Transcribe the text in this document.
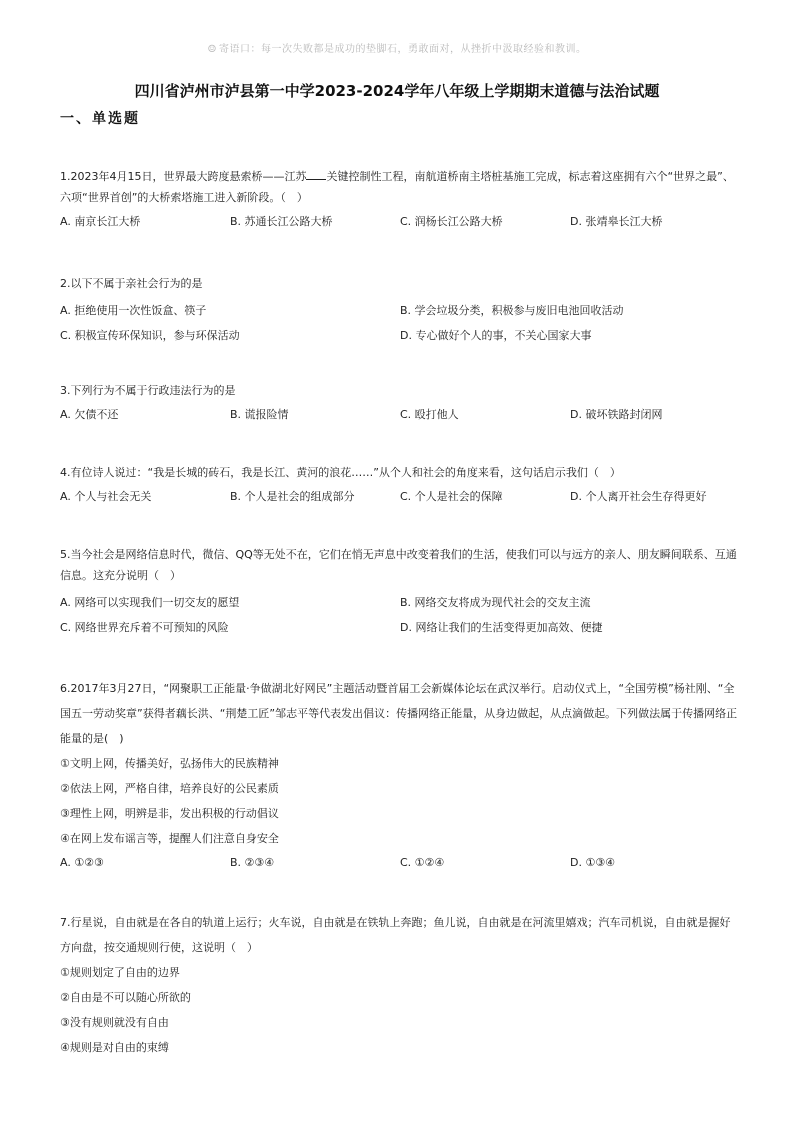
☺ 寄语口：每一次失败都是成功的垫脚石，勇敢面对，从挫折中汲取经验和教训。
四川省泸州市泸县第一中学2023-2024学年八年级上学期期末道德与法治试题
一、单选题

1.2023年4月15日，世界最大跨度悬索桥——江苏 关键控制性工程，南航道桥南主塔桩基施工完成，标志着这座拥有六个“世界之最”、六项“世界首创”的大桥索塔施工进入新阶段。（　）

A. 南京长江大桥	B. 苏通长江公路大桥	C. 润杨长江公路大桥	D. 张靖皋长江大桥

2.以下不属于亲社会行为的是

A. 拒绝使用一次性饭盒、筷子	B. 学会垃圾分类，积极参与废旧电池回收活动
C. 积极宣传环保知识，参与环保活动	D. 专心做好个人的事，不关心国家大事

3.下列行为不属于行政违法行为的是

A. 欠债不还	B. 谎报险情	C. 殴打他人	D. 破坏铁路封闭网

4.有位诗人说过：“我是长城的砖石，我是长江、黄河的浪花……”从个人和社会的角度来看，这句话启示我们（　）

A. 个人与社会无关	B. 个人是社会的组成部分	C. 个人是社会的保障	D. 个人离开社会生存得更好

5.当今社会是网络信息时代，微信、QQ等无处不在，它们在悄无声息中改变着我们的生活，使我们可以与远方的亲人、朋友瞬间联系、互通信息。这充分说明（　）

A. 网络可以实现我们一切交友的愿望	B. 网络交友将成为现代社会的交友主流
C. 网络世界充斥着不可预知的风险	D. 网络让我们的生活变得更加高效、便捷

6.2017年3月27日，“网聚职工正能量·争做湖北好网民”主题活动暨首届工会新媒体论坛在武汉举行。启动仪式上，“全国劳模”杨社刚、“全国五一劳动奖章”获得者藕长洪、“荆楚工匠”邹志平等代表发出倡议：传播网络正能量，从身边做起，从点滴做起。下列做法属于传播网络正能量的是(　)

①文明上网，传播美好，弘扬伟大的民族精神

②依法上网，严格自律，培养良好的公民素质

③理性上网，明辨是非，发出积极的行动倡议

④在网上发布谣言等，提醒人们注意自身安全

A. ①②③	B. ②③④	C. ①②④	D. ①③④

7.行星说，自由就是在各自的轨道上运行；火车说，自由就是在铁轨上奔跑；鱼儿说，自由就是在河流里嬉戏；汽车司机说，自由就是握好方向盘，按交通规则行使，这说明（　）

①规则划定了自由的边界

②自由是不可以随心所欲的

③没有规则就没有自由

④规则是对自由的束缚
